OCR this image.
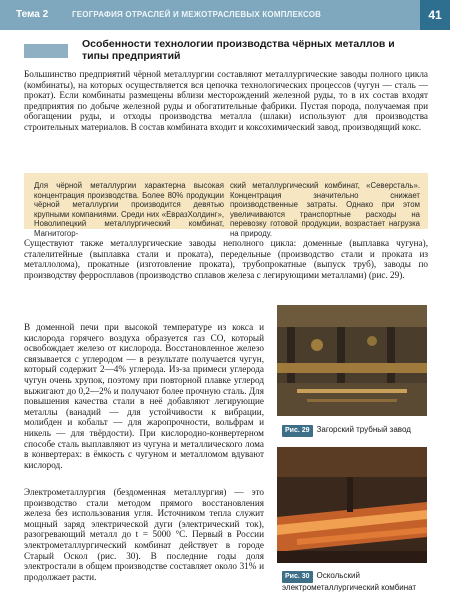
Тема 2	ГЕОГРАФИЯ ОТРАСЛЕЙ И МЕЖОТРАСЛЕВЫХ КОМПЛЕКСОВ	41
Особенности технологии производства чёрных металлов и типы предприятий

Большинство предприятий чёрной металлургии составляют металлургические заводы полного цикла (комбинаты), на которых осуществляется вся цепочка технологических процессов (чугун — сталь — прокат). Если комбинаты размещены вблизи месторождений железной руды, то в их состав входят предприятия по добыче железной руды и обогатительные фабрики. Пустая порода, получаемая при обогащении руды, и отходы производства металла (шлаки) используют для производства строительных материалов. В состав комбината входит и коксохимический завод, производящий кокс.

Для чёрной металлургии характерна высокая концентрация производства. Более 80% продукции чёрной металлургии производится девятью крупными компаниями. Среди них «ЕвразХолдинг», Новолипецкий металлургический комбинат, Магнитогор-
ский металлургический комбинат, «Северсталь». Концентрация значительно снижает производственные затраты. Однако при этом увеличиваются транспортные расходы на перевозку готовой продукции, возрастает нагрузка на природу.

Существуют также металлургические заводы неполного цикла: доменные (выплавка чугуна), сталелитейные (выплавка стали и проката), передельные (производство стали и проката из металлолома), прокатные (изготовление проката), трубопрокатные (выпуск труб), заводы по производству ферросплавов (производство сплавов железа с легирующими металлами) (рис. 29).

В доменной печи при высокой температуре из кокса и кислорода горячего воздуха образуется газ СО, который освобождает железо от кислорода. Восстановленное железо связывается с углеродом — в результате получается чугун, который содержит 2—4% углерода. Из-за примеси углерода чугун очень хрупок, поэтому при повторной плавке углерод выжигают до 0,2—2% и получают более прочную сталь. Для повышения качества стали в неё добавляют легирующие металлы (ванадий — для устойчивости к вибрации, молибден и кобальт — для жаропрочности, вольфрам и никель — для твёрдости). При кислородно-конвертерном способе сталь выплавляют из чугуна и металлического лома в конвертерах: в ёмкость с чугуном и металломом вдувают кислород.

Электрометаллургия (бездоменная металлургия) — это производство стали методом прямого восстановления железа без использования угля. Источником тепла служит мощный заряд электрической дуги (электрический ток), разогревающий металл до t = 5000 °С. Первый в России электрометаллургический комбинат действует в городе Старый Оскол (рис. 30). В последние годы доля электростали в общем производстве составляет около 31% и продолжает расти.

Рис. 29 Загорский трубный завод
Рис. 30 Оскольский электрометаллургический комбинат
